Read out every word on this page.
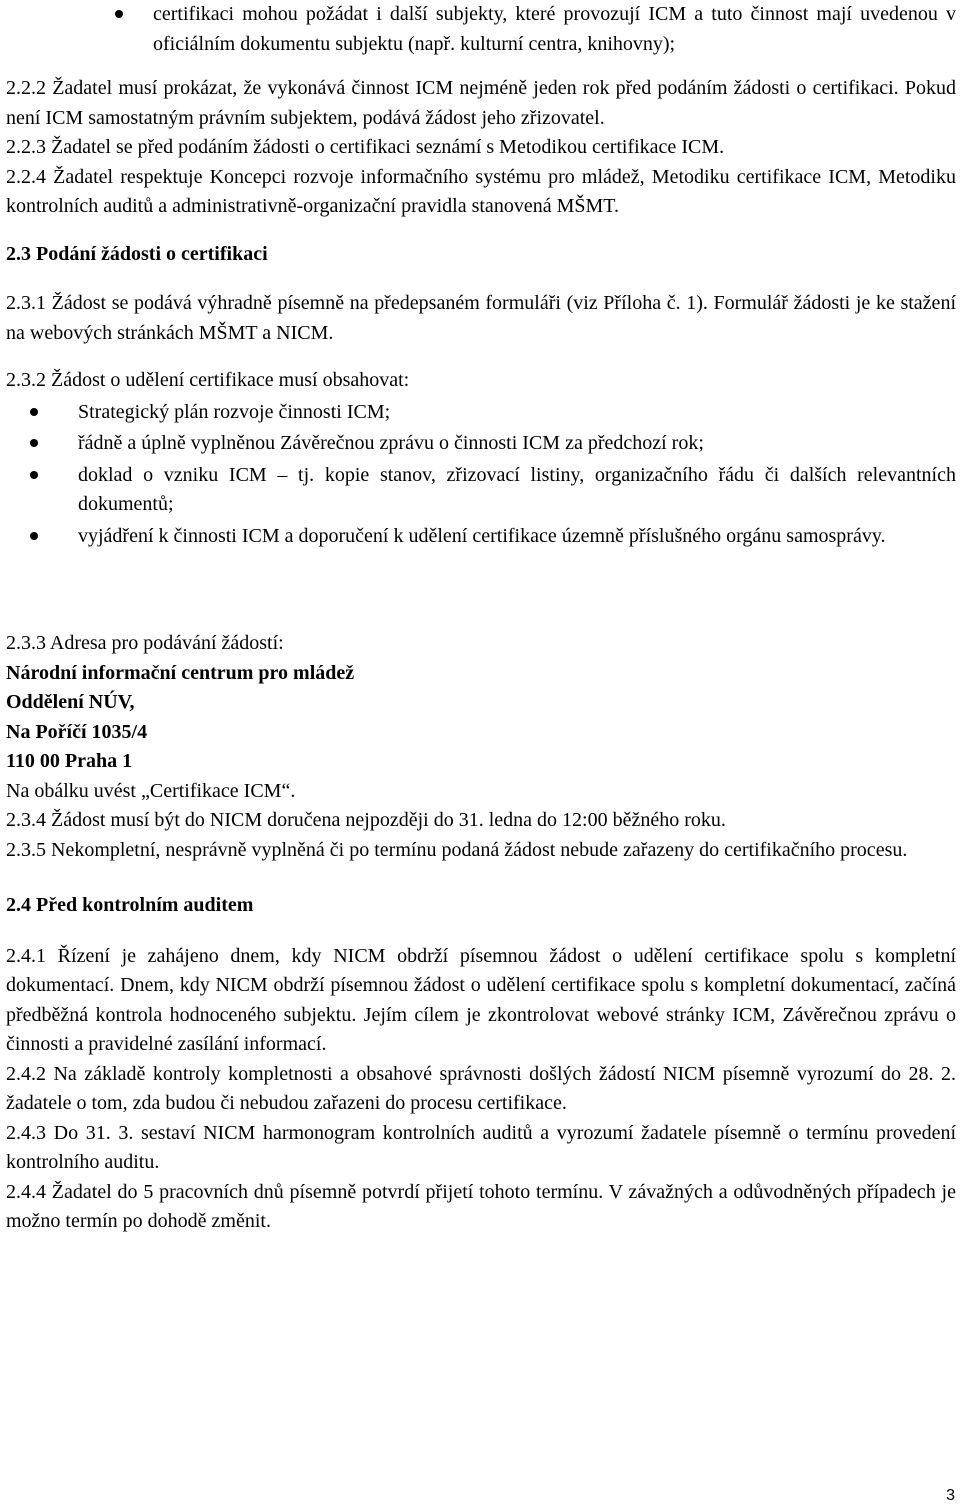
certifikaci mohou požádat i další subjekty, které provozují ICM a tuto činnost mají uvedenou v oficiálním dokumentu subjektu (např. kulturní centra, knihovny);

2.2.2 Žadatel musí prokázat, že vykonává činnost ICM nejméně jeden rok před podáním žádosti o certifikaci. Pokud není ICM samostatným právním subjektem, podává žádost jeho zřizovatel.

2.2.3 Žadatel se před podáním žádosti o certifikaci seznámí s Metodikou certifikace ICM.

2.2.4 Žadatel respektuje Koncepci rozvoje informačního systému pro mládež, Metodiku certifikace ICM, Metodiku kontrolních auditů a administrativně-organizační pravidla stanovená MŠMT.

2.3 Podání žádosti o certifikaci

2.3.1 Žádost se podává výhradně písemně na předepsaném formuláři (viz Příloha č. 1). Formulář žádosti je ke stažení na webových stránkách MŠMT a NICM.

2.3.2 Žádost o udělení certifikace musí obsahovat:

Strategický plán rozvoje činnosti ICM;
řádně a úplně vyplněnou Závěrečnou zprávu o činnosti ICM za předchozí rok;
doklad o vzniku ICM – tj. kopie stanov, zřizovací listiny, organizačního řádu či dalších relevantních dokumentů;
vyjádření k činnosti ICM a doporučení k udělení certifikace územně příslušného orgánu samosprávy.

2.3.3 Adresa pro podávání žádostí:

Národní informační centrum pro mládež

Oddělení NÚV,

Na Poříčí 1035/4

110 00 Praha 1

Na obálku uvést „Certifikace ICM“.

2.3.4 Žádost musí být do NICM doručena nejpozději do 31. ledna do 12:00 běžného roku.

2.3.5 Nekompletní, nesprávně vyplněná či po termínu podaná žádost nebude zařazeny do certifikačního procesu.

2.4 Před kontrolním auditem

2.4.1 Řízení je zahájeno dnem, kdy NICM obdrží písemnou žádost o udělení certifikace spolu s kompletní dokumentací. Dnem, kdy NICM obdrží písemnou žádost o udělení certifikace spolu s kompletní dokumentací, začíná předběžná kontrola hodnoceného subjektu. Jejím cílem je zkontrolovat webové stránky ICM, Závěrečnou zprávu o činnosti a pravidelné zasílání informací.

2.4.2 Na základě kontroly kompletnosti a obsahové správnosti došlých žádostí NICM písemně vyrozumí do 28. 2. žadatele o tom, zda budou či nebudou zařazeni do procesu certifikace.

2.4.3 Do 31. 3. sestaví NICM harmonogram kontrolních auditů a vyrozumí žadatele písemně o termínu provedení kontrolního auditu.

2.4.4 Žadatel do 5 pracovních dnů písemně potvrdí přijetí tohoto termínu. V závažných a odůvodněných případech je možno termín po dohodě změnit.

3
